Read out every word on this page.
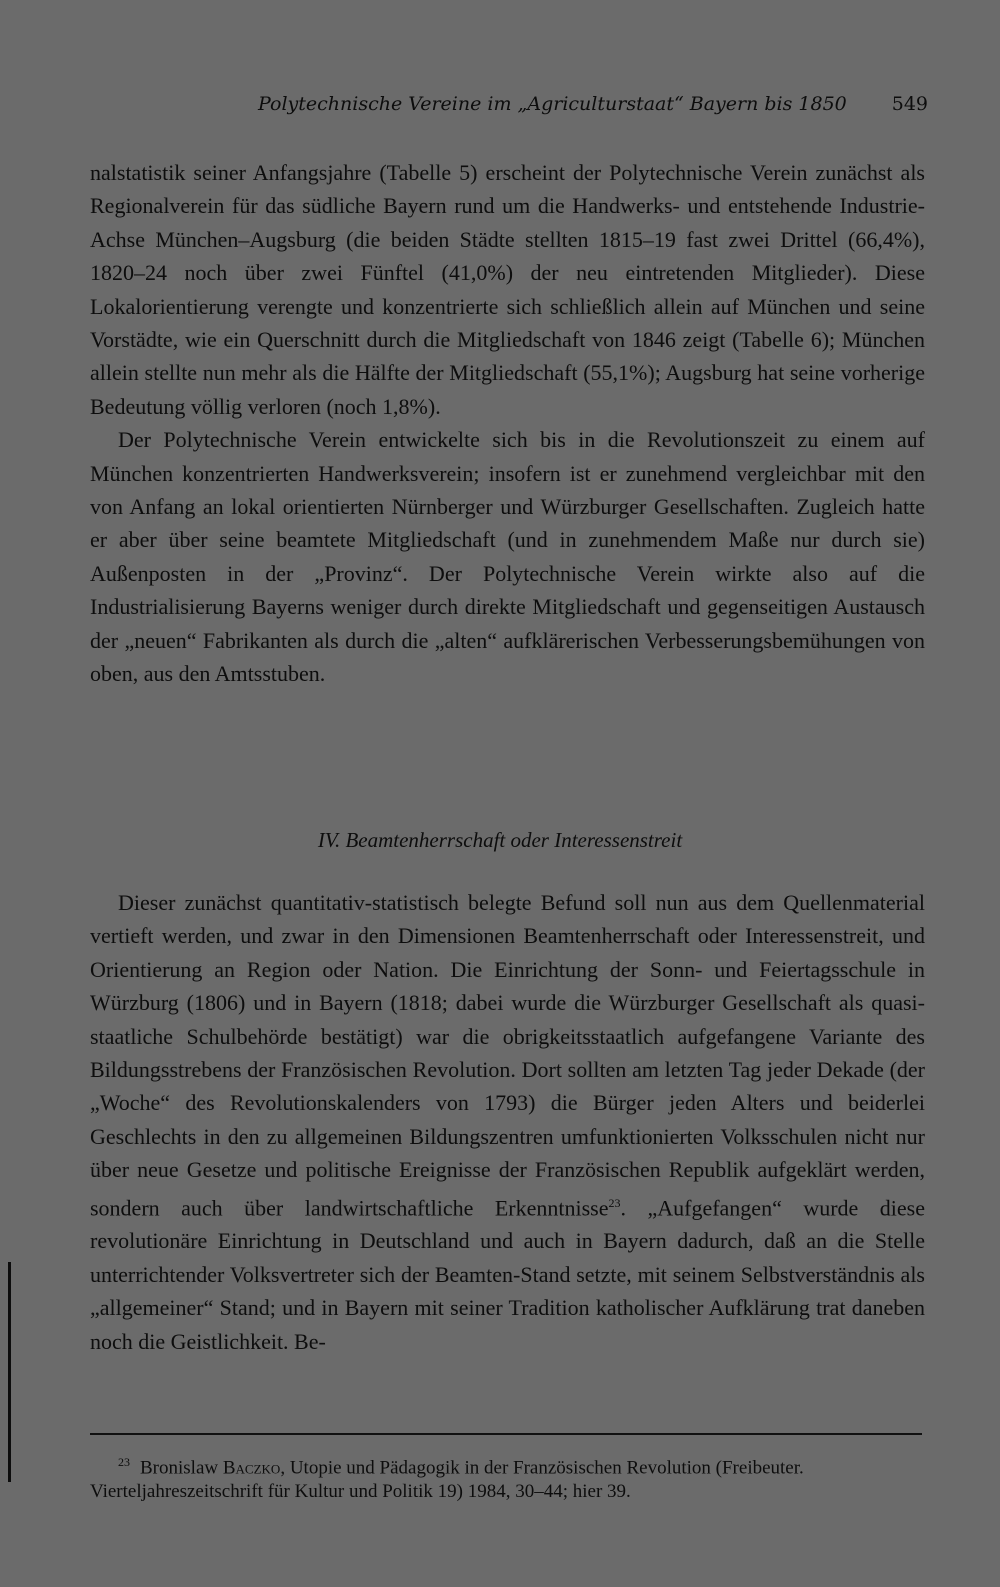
Polytechnische Vereine im „Agriculturstaat“ Bayern bis 1850 549

nalstatistik seiner Anfangsjahre (Tabelle 5) erscheint der Polytechnische Verein zunächst als Regionalverein für das südliche Bayern rund um die Handwerks- und entstehende Industrie-Achse München–Augsburg (die beiden Städte stellten 1815–19 fast zwei Drittel (66,4%), 1820–24 noch über zwei Fünftel (41,0%) der neu eintretenden Mitglieder). Diese Lokalorientierung verengte und konzentrierte sich schließlich allein auf München und seine Vorstädte, wie ein Querschnitt durch die Mitgliedschaft von 1846 zeigt (Tabelle 6); München allein stellte nun mehr als die Hälfte der Mitgliedschaft (55,1%); Augsburg hat seine vorherige Bedeutung völlig verloren (noch 1,8%).

Der Polytechnische Verein entwickelte sich bis in die Revolutionszeit zu einem auf München konzentrierten Handwerksverein; insofern ist er zunehmend vergleichbar mit den von Anfang an lokal orientierten Nürnberger und Würzburger Gesellschaften. Zugleich hatte er aber über seine beamtete Mitgliedschaft (und in zunehmendem Maße nur durch sie) Außenposten in der „Provinz“. Der Polytechnische Verein wirkte also auf die Industrialisierung Bayerns weniger durch direkte Mitgliedschaft und gegenseitigen Austausch der „neuen“ Fabrikanten als durch die „alten“ aufklärerischen Verbesserungsbemühungen von oben, aus den Amtsstuben.

IV. Beamtenherrschaft oder Interessenstreit

Dieser zunächst quantitativ-statistisch belegte Befund soll nun aus dem Quellenmaterial vertieft werden, und zwar in den Dimensionen Beamtenherrschaft oder Interessenstreit, und Orientierung an Region oder Nation. Die Einrichtung der Sonn- und Feiertagsschule in Würzburg (1806) und in Bayern (1818; dabei wurde die Würzburger Gesellschaft als quasi-staatliche Schulbehörde bestätigt) war die obrigkeitsstaatlich aufgefangene Variante des Bildungsstrebens der Französischen Revolution. Dort sollten am letzten Tag jeder Dekade (der „Woche“ des Revolutionskalenders von 1793) die Bürger jeden Alters und beiderlei Geschlechts in den zu allgemeinen Bildungszentren umfunktionierten Volksschulen nicht nur über neue Gesetze und politische Ereignisse der Französischen Republik aufgeklärt werden, sondern auch über landwirtschaftliche Erkenntnisse$^{23}$. „Aufgefangen“ wurde diese revolutionäre Einrichtung in Deutschland und auch in Bayern dadurch, daß an die Stelle unterrichtender Volksvertreter sich der Beamten-Stand setzte, mit seinem Selbstverständnis als „allgemeiner“ Stand; und in Bayern mit seiner Tradition katholischer Aufklärung trat daneben noch die Geistlichkeit. Be-

$^{23}$ Bronislaw Baczko, Utopie und Pädagogik in der Französischen Revolution (Freibeuter. Vierteljahreszeitschrift für Kultur und Politik 19) 1984, 30–44; hier 39.
